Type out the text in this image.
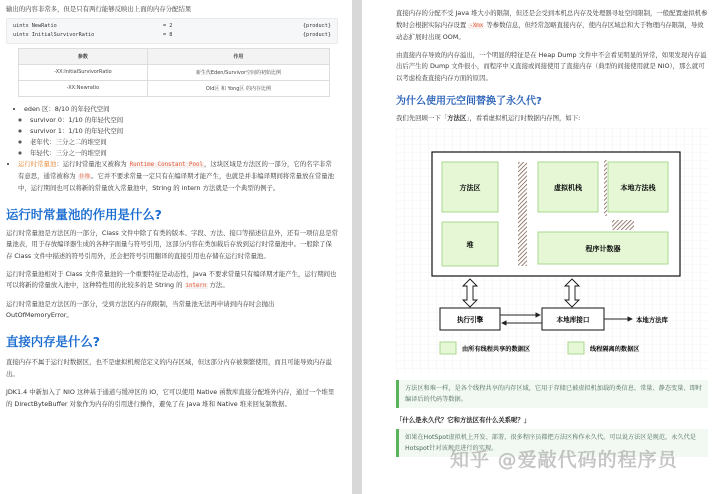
输出的内容非常多，但是只有两行能够反映出上面的内存分配结果

uintx NewRatio	= 2	{product}
uintx InitialSurvivorRatio	= 8	{product}
参数	作用
-XX:InitialSurvivorRatio	新生代Eden/Survivor空间的初始比例
-XX:Newratio	Old区 和 Yong区 的内存比例
• eden 区：8/10 的年轻代空间
◦ survivor 0：1/10 的年轻代空间
◦ survivor 1：1/10 的年轻代空间
◦ 老年代：三分之二的堆空间
◦ 年轻代：三分之一的堆空间
• 运行时常量池：运行时常量池又被称为 Runtime Constant Pool，这块区域是方法区的一部分，它的名字非常有意思，通常被称为 非堆。它并不要求常量一定只有在编译期才能产生，也就是并非编译期间将常量放在常量池中，运行期间也可以将新的常量放入常量池中，String 的 intern 方法就是一个典型的例子。

运行时常量池的作用是什么?

运行时常量池是方法区的一部分，Class 文件中除了有类的版本、字段、方法、接口等描述信息外，还有一项信息是常量池表，用于存放编译器生成的各种字面量与符号引用，这部分内容在类加载后存放到运行时常量池中。一般除了保存 Class 文件中描述的符号引用外，还会把符号引用翻译的直接引用也存储在运行时常量池。

运行时常量池相对于 Class 文件常量池的一个重要特征是动态性，Java 不要求常量只有编译期才能产生，运行期间也可以将新的常量放入池中，这种特性用的比较多的是 String 的 intern 方法。

运行时常量池是方法区的一部分，受到方法区内存的限制，当常量池无法再申请到内存时会抛出 OutOfMemoryError。

直接内存是什么?

直接内存不属于运行时数据区，也不是虚拟机规范定义的内存区域，但这部分内存被频繁使用，而且可能导致内存溢出。

JDK1.4 中新加入了 NIO 这种基于通道与缓冲区的 IO，它可以使用 Native 函数库直接分配堆外内存，通过一个堆里的 DirectByteBuffer 对象作为内存的引用进行操作，避免了在 Java 堆和 Native 堆来回复制数据。

直接内存的分配不受 Java 堆大小的限制，但还是会受到本机总内存及处理器寻址空间限制，一般配置虚拟机参数时会根据实际内存设置 -Xmx 等参数信息，但经常忽略直接内存，使内存区域总和大于物理内存限制，导致动态扩展时出现 OOM。

由直接内存导致的内存溢出，一个明显的特征是在 Heap Dump 文件中不会看见明显的异常，如果发现内存溢出后产生的 Dump 文件很小，而程序中又直接或间接使用了直接内存（典型的间接使用就是 NIO），那么就可以考虑检查直接内存方面的原因。

为什么使用元空间替换了永久代?

我们先回顾一下「方法区」，看看虚拟机运行时数据内存图，如下:

方法区	虚拟机栈	本地方法栈
堆	程序计数器
执行引擎	本地库接口	本地方法库
由所有线程共享的数据区	线程隔离的数据区
方法区和堆一样，是各个线程共享的内存区域，它用于存储已被虚拟机加载的类信息、常量、静态变量、即时编译后的代码等数据。

「什么是永久代？它和方法区有什么关系呢？」

如果在HotSpot虚拟机上开发、部署，很多程序员都把方法区称作永久代。可以说方法区是规范，永久代是Hotspot针对该规范进行的实现。
知乎 @爱敲代码的程序员
